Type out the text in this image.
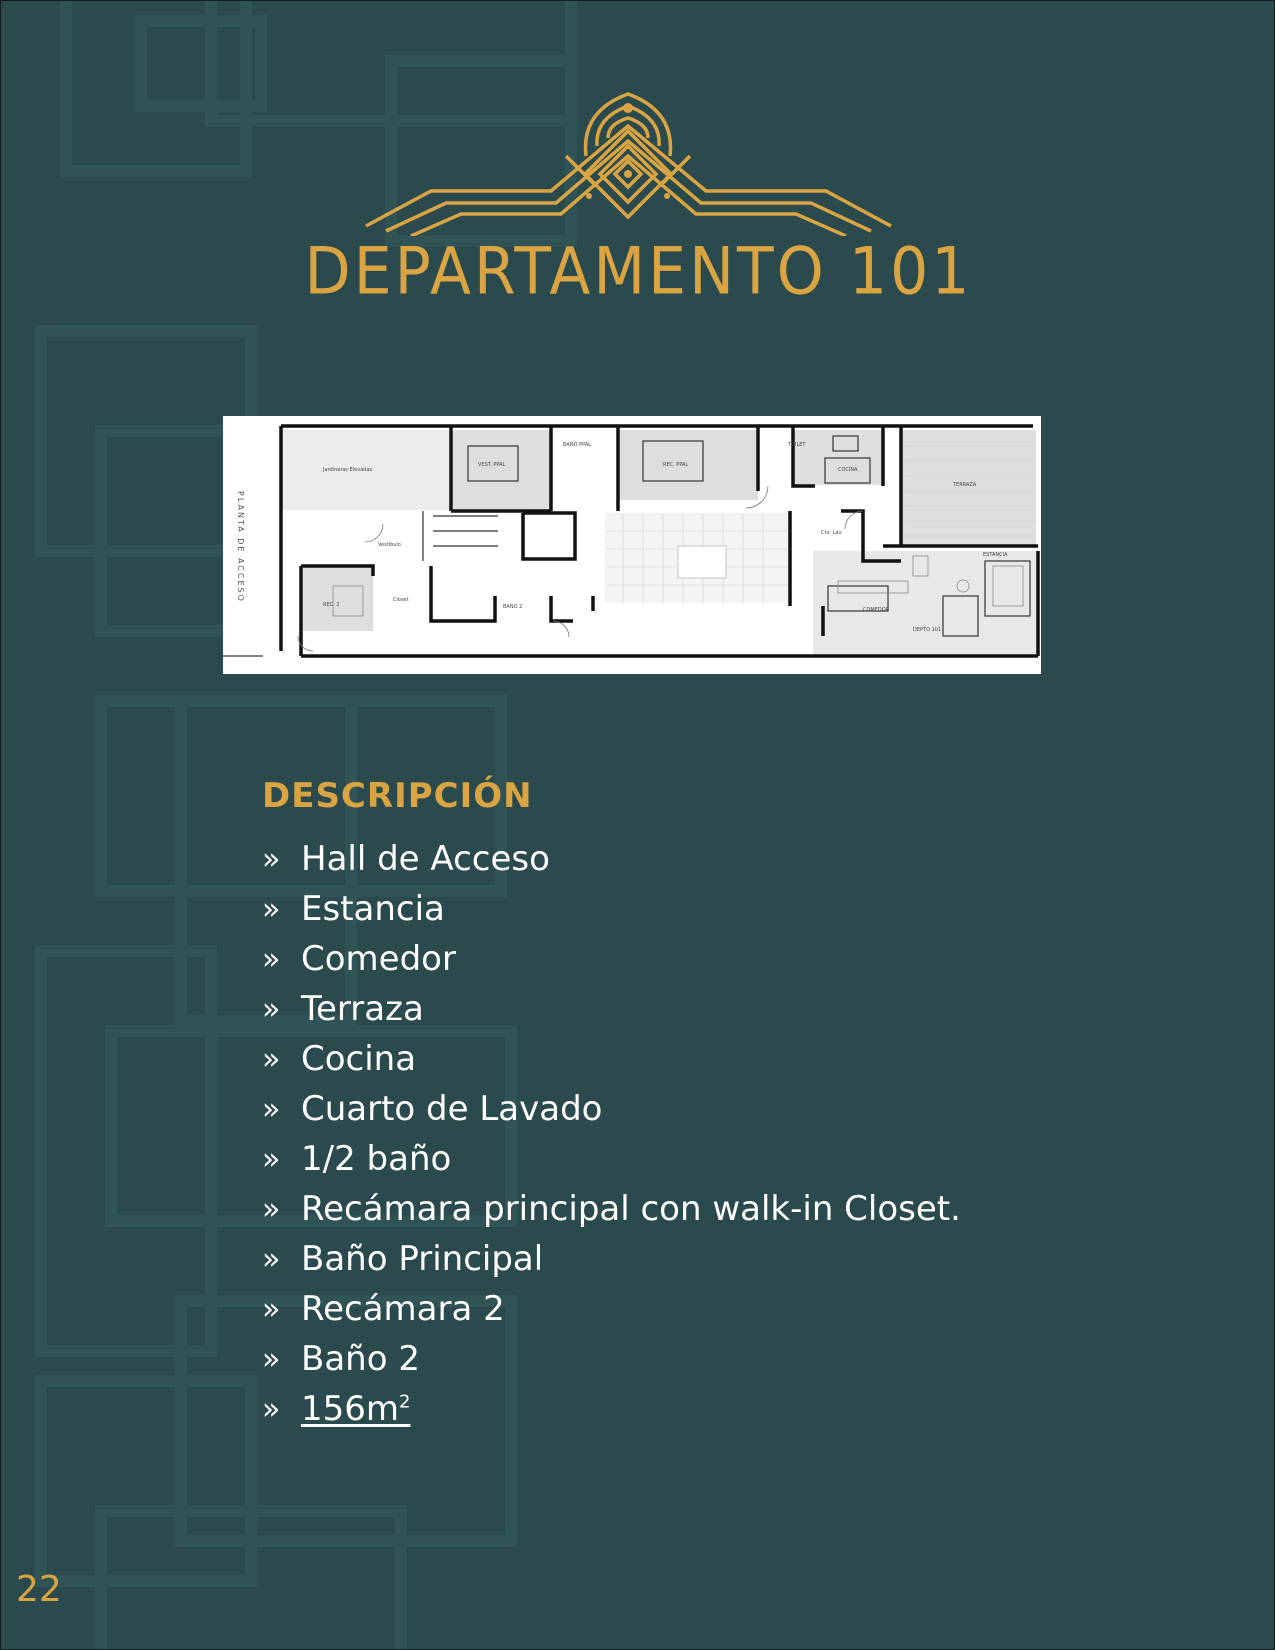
DEPARTAMENTO 101
REC. 2
REC. PPAL
VEST. PPAL
BAÑO PPAL	TOILET
COCINA
TERRAZA
COMEDOR
ESTANCIA
DEPTO 101
BAÑO 2
Closet
Vestíbulo
Cto. Lav.
Jardineras Elevadas
PLANTA DE ACCESO
DESCRIPCIÓN
» Hall de Acceso
» Estancia
» Comedor
» Terraza
» Cocina
» Cuarto de Lavado
» 1/2 baño
» Recámara principal con walk-in Closet.
» Baño Principal
» Recámara 2
» Baño 2
» $156m^2$
22
